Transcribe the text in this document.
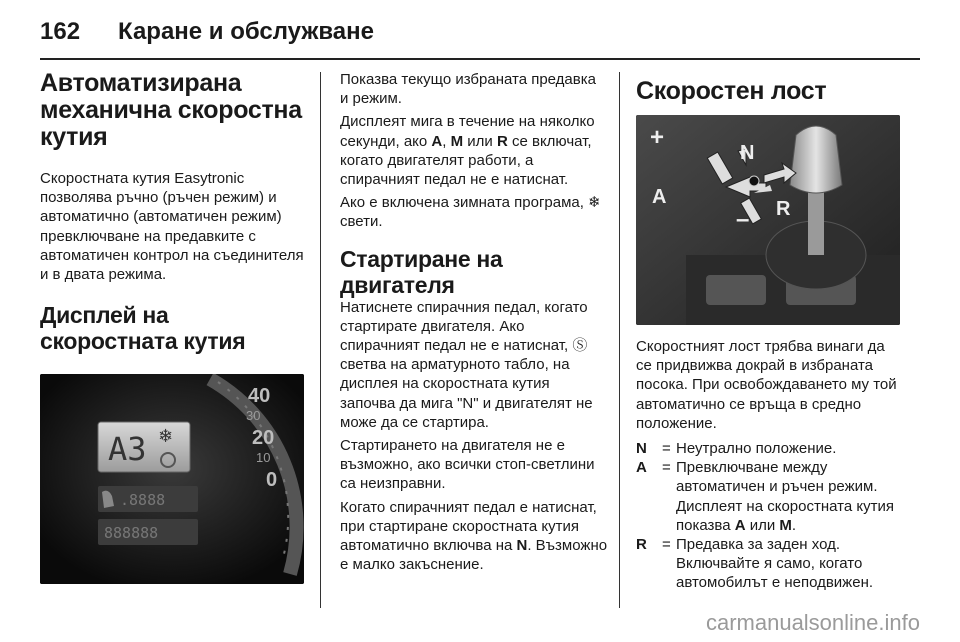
162 Каране и обслужване
Автоматизирана механична скоростна кутия

Скоростната кутия Easytronic позволява ръчно (ръчен режим) и автоматично (автоматичен режим) превключване на предавките с автоматичен контрол на съединителя и в двата режима.

Дисплей на скоростната кутия
40
30
20
10
0
A3 ❄
.8888
888888

Показва текущо избраната предавка и режим.

Дисплеят мига в течение на няколко секунди, ако A, M или R се включат, когато двигателят работи, а спирачният педал не е натиснат.

Ако е включена зимната програма, ❄ свети.

Стартиране на двигателя

Натиснете спирачния педал, когато стартирате двигателя. Ако спирачният педал не е натиснат, Ⓢ светва на арматурното табло, на дисплея на скоростната кутия започва да мига "N" и двигателят не може да се стартира.

Стартирането на двигателя не е възможно, ако всички стоп-светлини са неизправни.

Когато спирачният педал е натиснат, при стартиране скоростната кутия автоматично включва на N. Възможно е малко закъснение.

Скоростен лост
+
N
A
R
–

Скоростният лост трябва винаги да се придвижва докрай в избраната посока. При освобождаването му той автоматично се връща в средно положение.

N	= Неутрално положение.
A	= Превключване между автоматичен и ръчен режим. Дисплеят на скоростната кутия показва A или M.
R	= Предавка за заден ход. Включвайте я само, когато автомобилът е неподвижен.
carmanualsonline.info
